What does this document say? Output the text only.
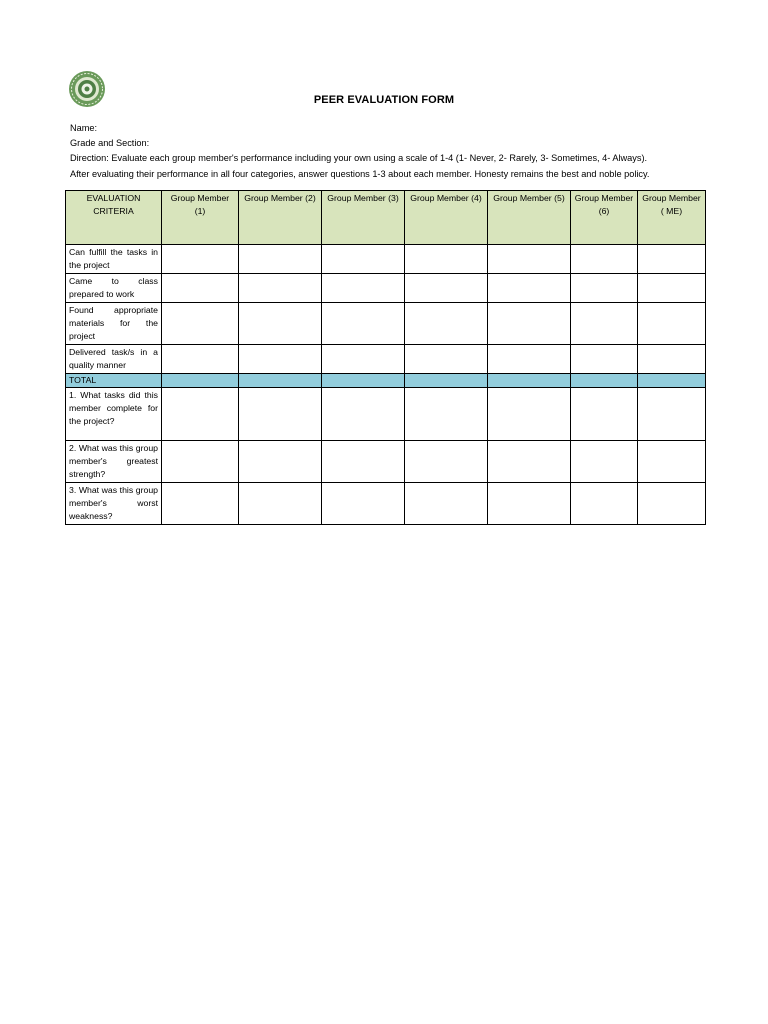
PEER EVALUATION FORM
Name:
Grade and Section:
Direction: Evaluate each group member's performance including your own using a scale of 1-4 (1- Never, 2- Rarely, 3- Sometimes, 4- Always).
After evaluating their performance in all four categories, answer questions 1-3 about each member. Honesty remains the best and noble policy.
EVALUATION CRITERIA	Group Member (1)	Group Member (2)	Group Member (3)	Group Member (4)	Group Member (5)	Group Member (6)	Group Member ( ME)
Can fulfill the tasks in the project							
Came to class prepared to work							
Found appropriate materials for the project							
Delivered task/s in a quality manner							
TOTAL							
1. What tasks did this member complete for the project?							
2. What was this group member's greatest strength?							
3. What was this group member's worst weakness?							
